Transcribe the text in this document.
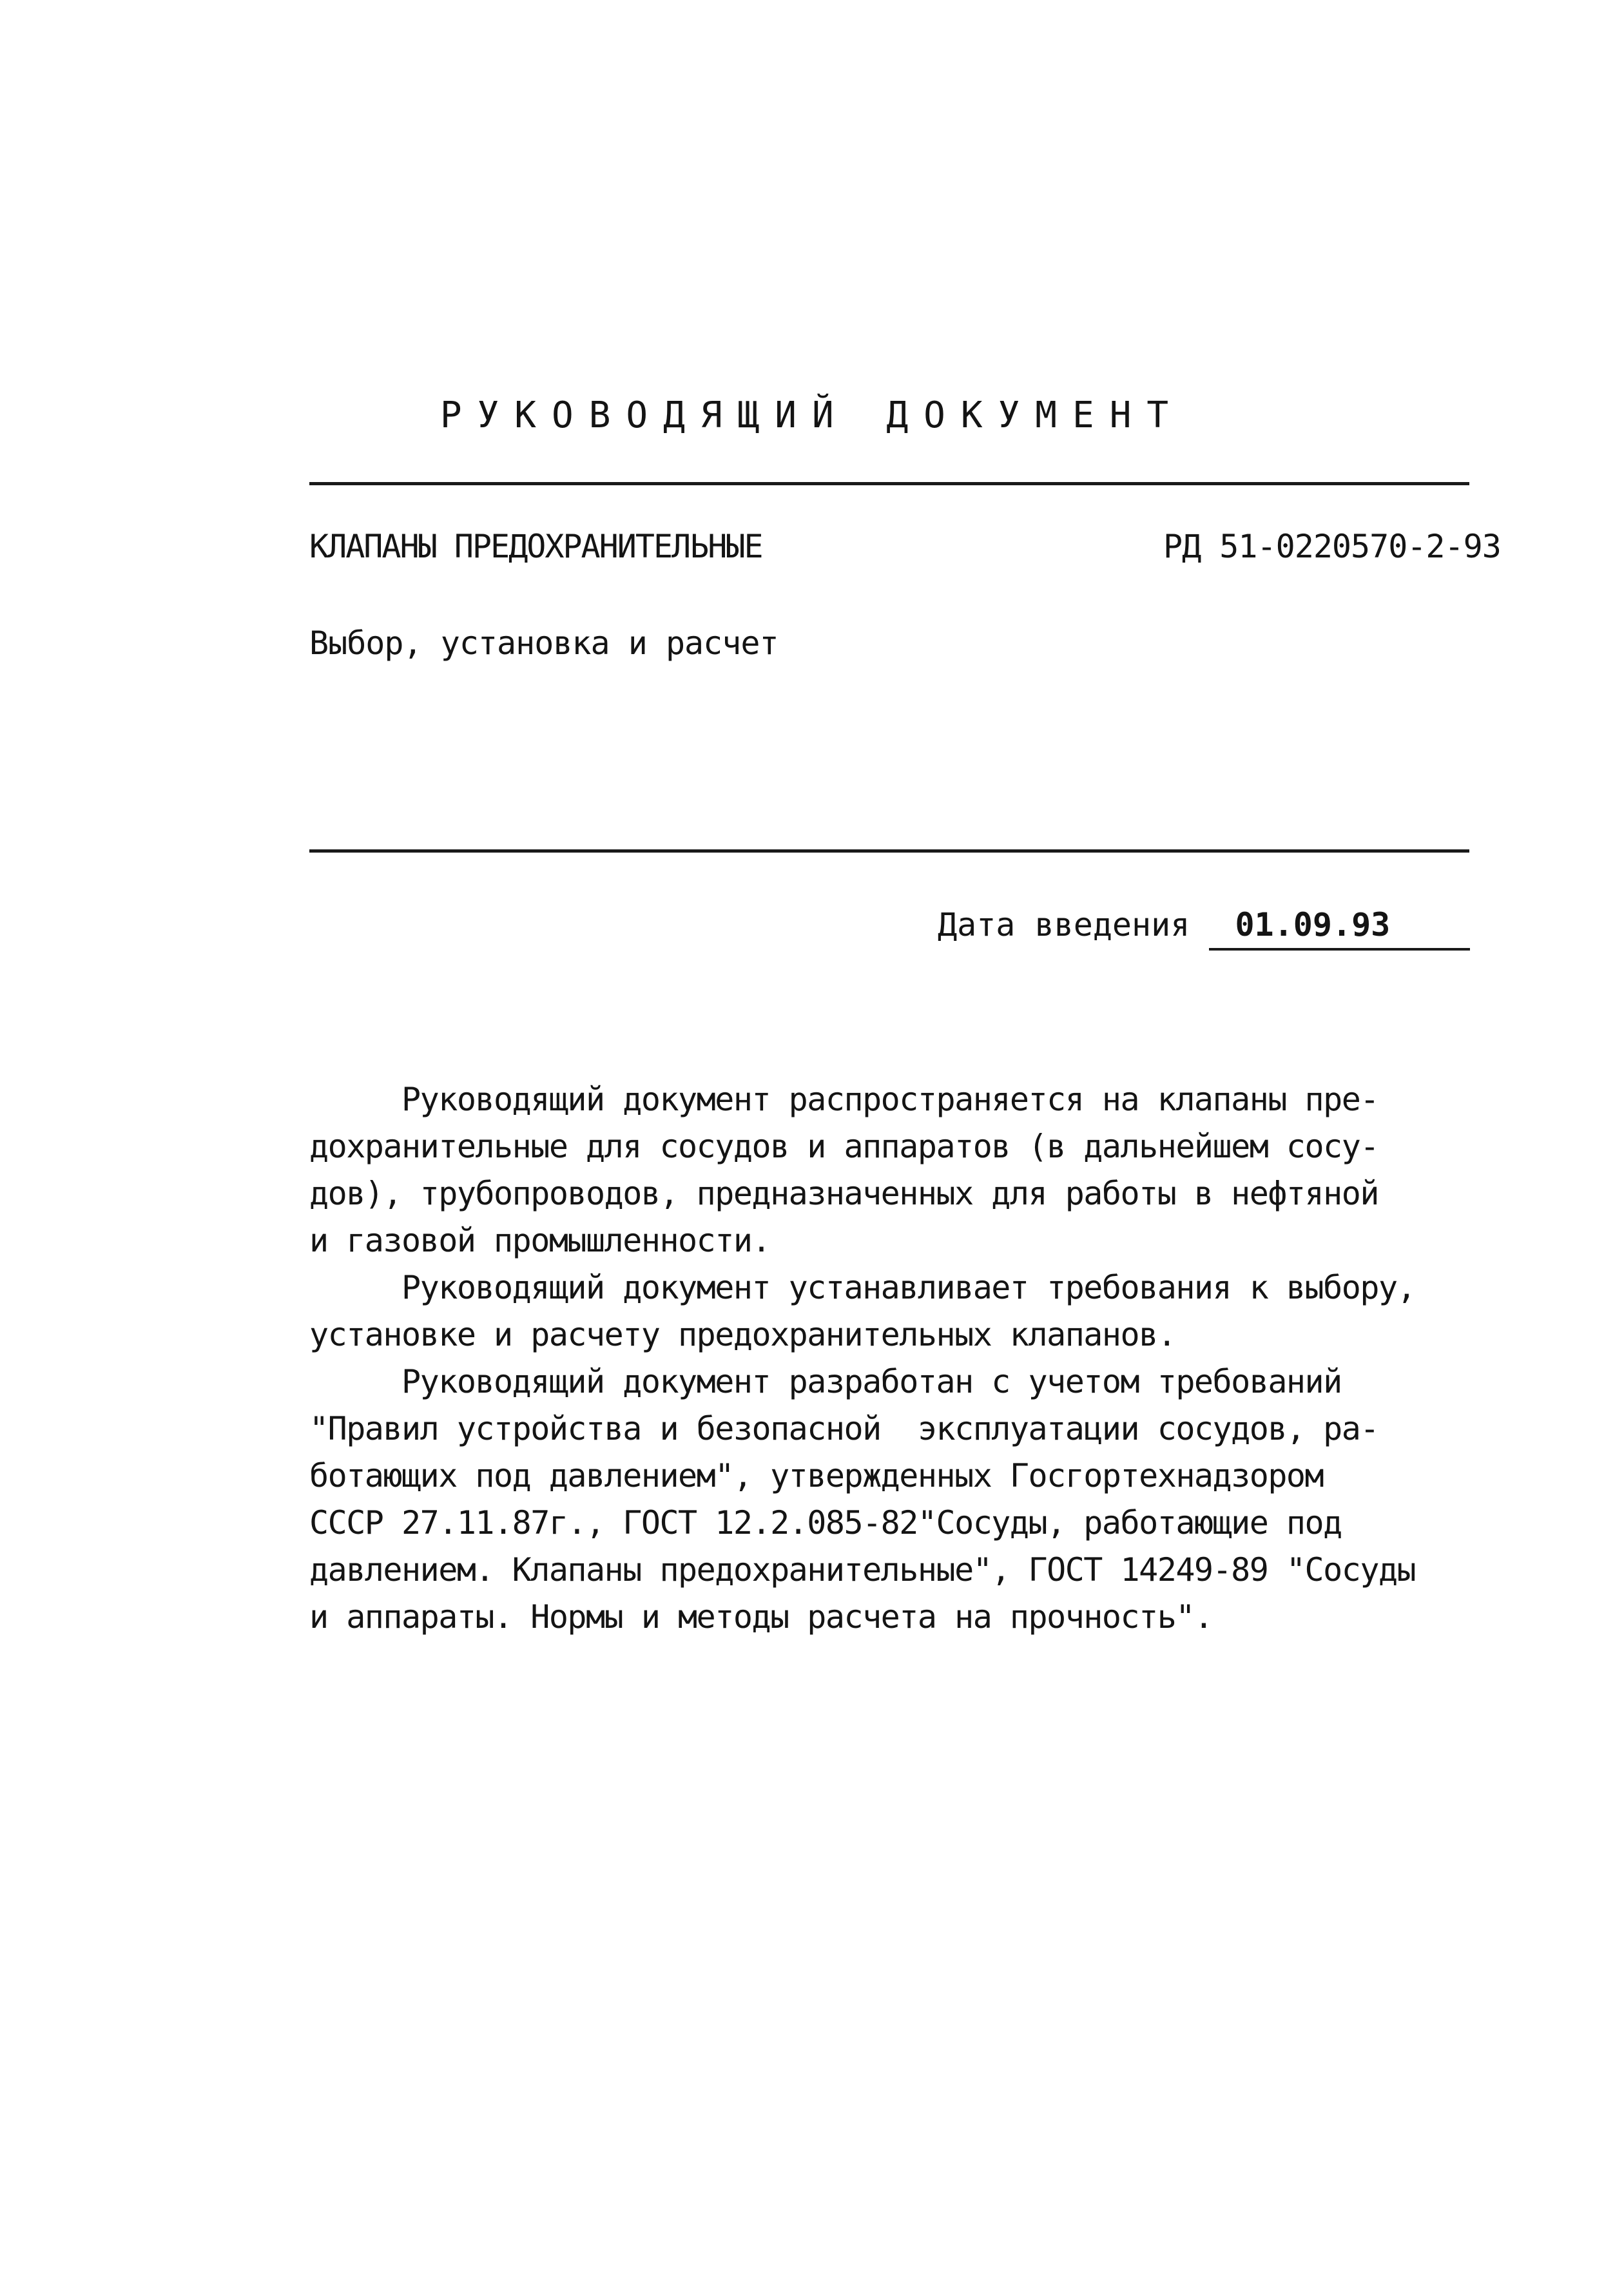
РУКОВОДЯЩИЙ ДОКУМЕНТ
КЛАПАНЫ ПРЕДОХРАНИТЕЛЬНЫЕ	РД 51-0220570-2-93
Выбор, установка и расчет
Дата введения 01.09.93

Руководящий документ распространяется на клапаны пре-

дохранительные для сосудов и аппаратов (в дальнейшем сосу-

дов), трубопроводов, предназначенных для работы в нефтяной

и газовой промышленности.

Руководящий документ устанавливает требования к выбору,

установке и расчету предохранительных клапанов.

Руководящий документ разработан с учетом требований

"Правил устройства и безопасной  эксплуатации сосудов, ра-

ботающих под давлением", утвержденных Госгортехнадзором

СССР 27.11.87г., ГОСТ 12.2.085-82"Сосуды, работающие под

давлением. Клапаны предохранительные", ГОСТ 14249-89 "Сосуды

и аппараты. Нормы и методы расчета на прочность".
